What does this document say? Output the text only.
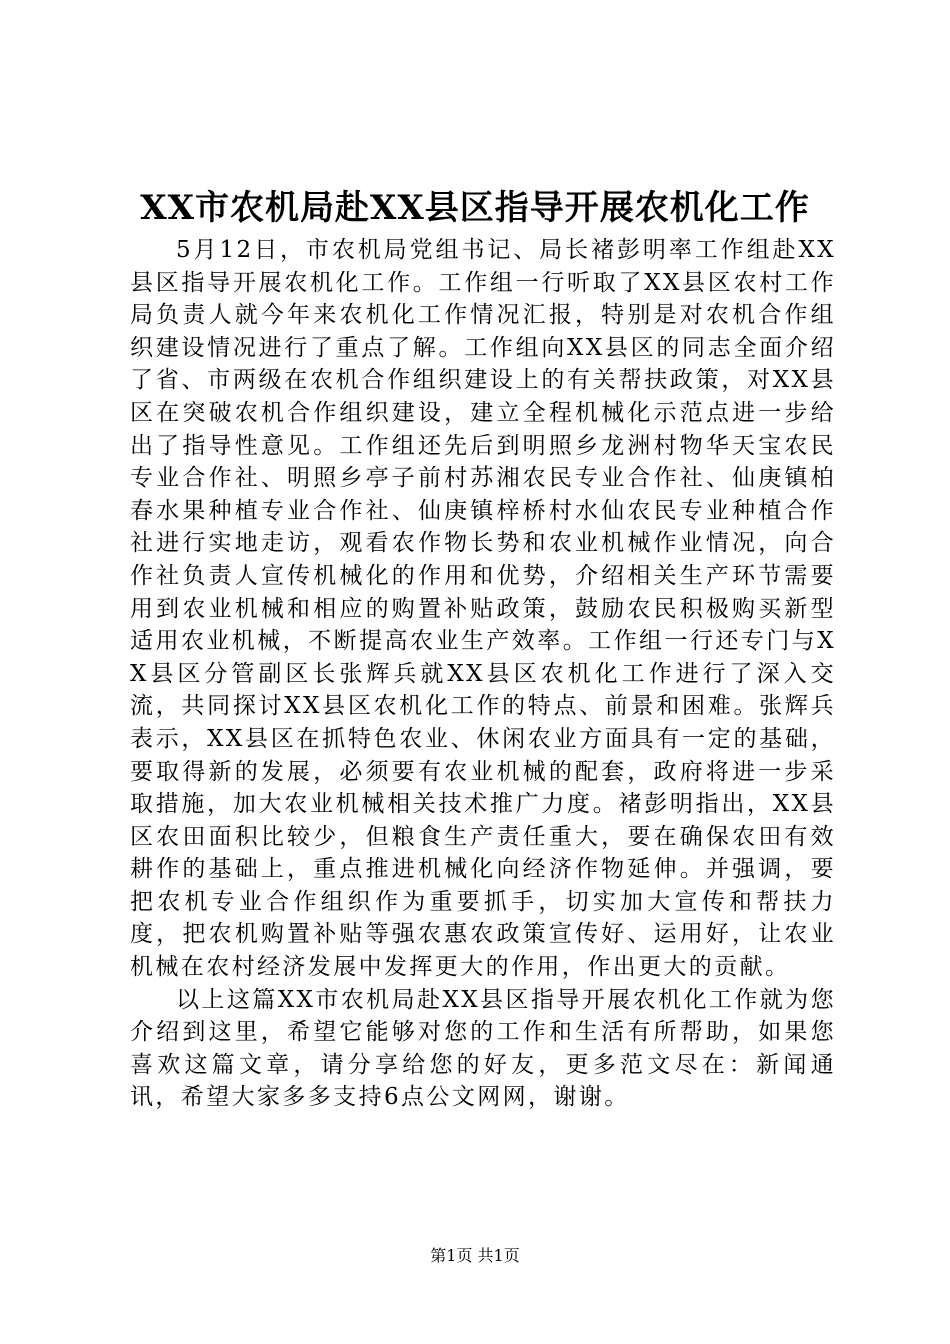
XX市农机局赴XX县区指导开展农机化工作

5月12日，市农机局党组书记、局长褚彭明率工作组赴XX县区指导开展农机化工作。工作组一行听取了XX县区农村工作局负责人就今年来农机化工作情况汇报，特别是对农机合作组织建设情况进行了重点了解。工作组向XX县区的同志全面介绍了省、市两级在农机合作组织建设上的有关帮扶政策，对XX县区在突破农机合作组织建设，建立全程机械化示范点进一步给出了指导性意见。工作组还先后到明照乡龙洲村物华天宝农民专业合作社、明照乡亭子前村苏湘农民专业合作社、仙庚镇柏春水果种植专业合作社、仙庚镇梓桥村水仙农民专业种植合作社进行实地走访，观看农作物长势和农业机械作业情况，向合作社负责人宣传机械化的作用和优势，介绍相关生产环节需要用到农业机械和相应的购置补贴政策，鼓励农民积极购买新型适用农业机械，不断提高农业生产效率。工作组一行还专门与XX县区分管副区长张辉兵就XX县区农机化工作进行了深入交流，共同探讨XX县区农机化工作的特点、前景和困难。张辉兵表示，XX县区在抓特色农业、休闲农业方面具有一定的基础，要取得新的发展，必须要有农业机械的配套，政府将进一步采取措施，加大农业机械相关技术推广力度。褚彭明指出，XX县区农田面积比较少，但粮食生产责任重大，要在确保农田有效耕作的基础上，重点推进机械化向经济作物延伸。并强调，要把农机专业合作组织作为重要抓手，切实加大宣传和帮扶力度，把农机购置补贴等强农惠农政策宣传好、运用好，让农业机械在农村经济发展中发挥更大的作用，作出更大的贡献。

以上这篇XX市农机局赴XX县区指导开展农机化工作就为您介绍到这里，希望它能够对您的工作和生活有所帮助，如果您喜欢这篇文章，请分享给您的好友，更多范文尽在：新闻通讯，希望大家多多支持6点公文网网，谢谢。

第1页 共1页
